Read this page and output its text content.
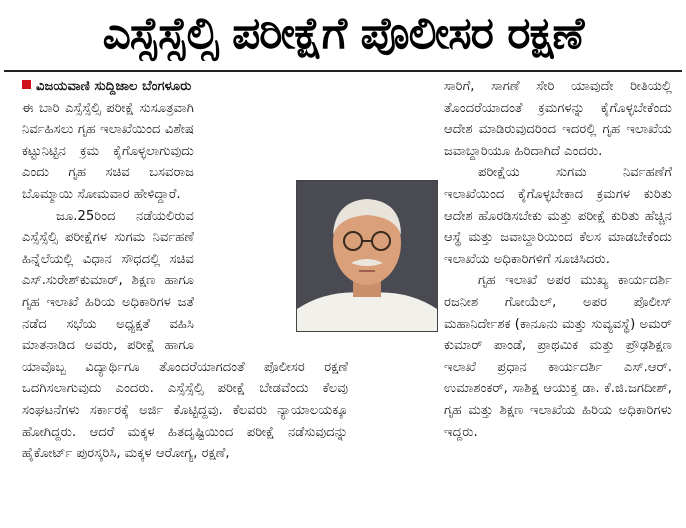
ಎಸ್ಸೆಸ್ಸೆಲ್ಸಿ ಪರೀಕ್ಷೆಗೆ ಪೊಲೀಸರ ರಕ್ಷಣೆ

ವಿಜಯವಾಣಿ ಸುದ್ದಿಜಾಲ ಬೆಂಗಳೂರು

ಈ ಬಾರಿ ಎಸ್ಸೆಸ್ಸೆಲ್ಸಿ ಪರೀಕ್ಷೆ ಸುಸೂತ್ರವಾಗಿ ನಿರ್ವಹಿಸಲು ಗೃಹ ಇಲಾಖೆಯಿಂದ ವಿಶೇಷ ಕಟ್ಟುನಿಟ್ಟಿನ ಕ್ರಮ ಕೈಗೊಳ್ಳಲಾಗುವುದು ಎಂದು ಗೃಹ ಸಚಿವ ಬಸವರಾಜ ಬೊಮ್ಮಾಯಿ ಸೋಮವಾರ ಹೇಳಿದ್ದಾರೆ.

ಜೂ.25ರಿಂದ ನಡೆಯಲಿರುವ ಎಸ್ಸೆಸ್ಸೆಲ್ಸಿ ಪರೀಕ್ಷೆಗಳ ಸುಗಮ ನಿರ್ವಹಣೆ ಹಿನ್ನೆಲೆಯಲ್ಲಿ ವಿಧಾನ ಸೌಧದಲ್ಲಿ ಸಚಿವ ಎಸ್.ಸುರೇಶ್‌ಕುಮಾರ್, ಶಿಕ್ಷಣ ಹಾಗೂ ಗೃಹ ಇಲಾಖೆ ಹಿರಿಯ ಅಧಿಕಾರಿಗಳ ಜತೆ ನಡೆದ ಸಭೆಯ ಅಧ್ಯಕ್ಷತೆ ವಹಿಸಿ ಮಾತನಾಡಿದ ಅವರು, ಪರೀಕ್ಷೆ ಹಾಗೂ ಯಾವೊಬ್ಬ ವಿದ್ಯಾರ್ಥಿಗೂ ತೊಂದರೆಯಾಗದಂತೆ ಪೊಲೀಸರ ರಕ್ಷಣೆ ಒದಗಿಸಲಾಗುವುದು ಎಂದರು. ಎಸ್ಸೆಸ್ಸೆಲ್ಸಿ ಪರೀಕ್ಷೆ ಬೇಡವೆಂದು ಕೆಲವು ಸಂಘಟನೆಗಳು ಸರ್ಕಾರಕ್ಕೆ ಅರ್ಜಿ ಕೊಟ್ಟಿದ್ದವು. ಕೆಲವರು ನ್ಯಾಯಾಲಯಕ್ಕೂ ಹೋಗಿದ್ದರು. ಆದರೆ ಮಕ್ಕಳ ಹಿತದೃಷ್ಟಿಯಿಂದ ಪರೀಕ್ಷೆ ನಡೆಸುವುದನ್ನು ಹೈಕೋರ್ಟ್ ಪುರಸ್ಕರಿಸಿ, ಮಕ್ಕಳ ಆರೋಗ್ಯ, ರಕ್ಷಣೆ,

ಸಾರಿಗೆ, ಸಾಗಣೆ ಸೇರಿ ಯಾವುದೇ ರೀತಿಯಲ್ಲಿ ತೊಂದರೆಯಾದಂತೆ ಕ್ರಮಗಳನ್ನು ಕೈಗೊಳ್ಳಬೇಕೆಂದು ಆದೇಶ ಮಾಡಿರುವುದರಿಂದ ಇದರಲ್ಲಿ ಗೃಹ ಇಲಾಖೆಯ ಜವಾಬ್ದಾರಿಯೂ ಹಿರಿದಾಗಿದೆ ಎಂದರು.

ಪರೀಕ್ಷೆಯ ಸುಗಮ ನಿರ್ವಹಣೆಗೆ ಇಲಾಖೆಯಿಂದ ಕೈಗೊಳ್ಳಬೇಕಾದ ಕ್ರಮಗಳ ಕುರಿತು ಆದೇಶ ಹೊರಡಿಸಬೇಕು ಮತ್ತು ಪರೀಕ್ಷೆ ಕುರಿತು ಹೆಚ್ಚಿನ ಆಸ್ಥೆ ಮತ್ತು ಜವಾಬ್ದಾರಿಯಿಂದ ಕೆಲಸ ಮಾಡಬೇಕೆಂದು ಇಲಾಖೆಯ ಅಧಿಕಾರಿಗಳಿಗೆ ಸೂಚಿಸಿದರು.

ಗೃಹ ಇಲಾಖೆ ಅಪರ ಮುಖ್ಯ ಕಾರ್ಯದರ್ಶಿ ರಜನೀಶ ಗೋಯೆಲ್, ಅಪರ ಪೊಲೀಸ್ ಮಹಾನಿರ್ದೇಶಕ (ಕಾನೂನು ಮತ್ತು ಸುವ್ಯವಸ್ಥೆ) ಅಮರ್ ಕುಮಾರ್ ಪಾಂಡೆ, ಪ್ರಾಥಮಿಕ ಮತ್ತು ಪ್ರೌಢಶಿಕ್ಷಣ ಇಲಾಖೆ ಪ್ರಧಾನ ಕಾರ್ಯದರ್ಶಿ ಎಸ್.ಆರ್. ಉಮಾಶಂಕರ್, ಸಾಶಿಕ್ಷ ಆಯುಕ್ತ ಡಾ. ಕೆ.ಜಿ.ಜಗದೀಶ್, ಗೃಹ ಮತ್ತು ಶಿಕ್ಷಣ ಇಲಾಖೆಯ ಹಿರಿಯ ಅಧಿಕಾರಿಗಳು ಇದ್ದರು.
